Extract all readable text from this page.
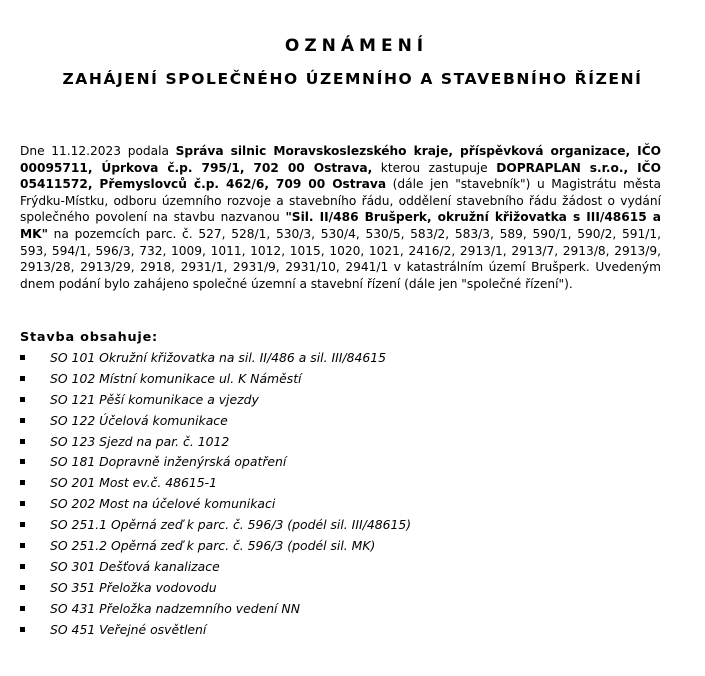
OZNÁMENÍ
ZAHÁJENÍ SPOLEČNÉHO ÚZEMNÍHO A STAVEBNÍHO ŘÍZENÍ
Dne 11.12.2023 podala Správa silnic Moravskoslezského kraje, příspěvková organizace, IČO 00095711, Úprkova č.p. 795/1, 702 00 Ostrava, kterou zastupuje DOPRAPLAN s.r.o., IČO 05411572, Přemyslovců č.p. 462/6, 709 00 Ostrava (dále jen "stavebník") u Magistrátu města Frýdku-Místku, odboru územního rozvoje a stavebního řádu, oddělení stavebního řádu žádost o vydání společného povolení na stavbu nazvanou "Sil. II/486 Brušperk, okružní křižovatka s III/48615 a MK" na pozemcích parc. č. 527, 528/1, 530/3, 530/4, 530/5, 583/2, 583/3, 589, 590/1, 590/2, 591/1, 593, 594/1, 596/3, 732, 1009, 1011, 1012, 1015, 1020, 1021, 2416/2, 2913/1, 2913/7, 2913/8, 2913/9, 2913/28, 2913/29, 2918, 2931/1, 2931/9, 2931/10, 2941/1 v katastrálním území Brušperk. Uvedeným dnem podání bylo zahájeno společné územní a stavební řízení (dále jen "společné řízení").
Stavba obsahuje:
SO 101 Okružní křižovatka na sil. II/486 a sil. III/84615
SO 102 Místní komunikace ul. K Náměstí
SO 121 Pěší komunikace a vjezdy
SO 122 Účelová komunikace
SO 123 Sjezd na par. č. 1012
SO 181 Dopravně inženýrská opatření
SO 201 Most ev.č. 48615-1
SO 202 Most na účelové komunikaci
SO 251.1 Opěrná zeď k parc. č. 596/3 (podél sil. III/48615)
SO 251.2 Opěrná zeď k parc. č. 596/3 (podél sil. MK)
SO 301 Dešťová kanalizace
SO 351 Přeložka vodovodu
SO 431 Přeložka nadzemního vedení NN
SO 451 Veřejné osvětlení
